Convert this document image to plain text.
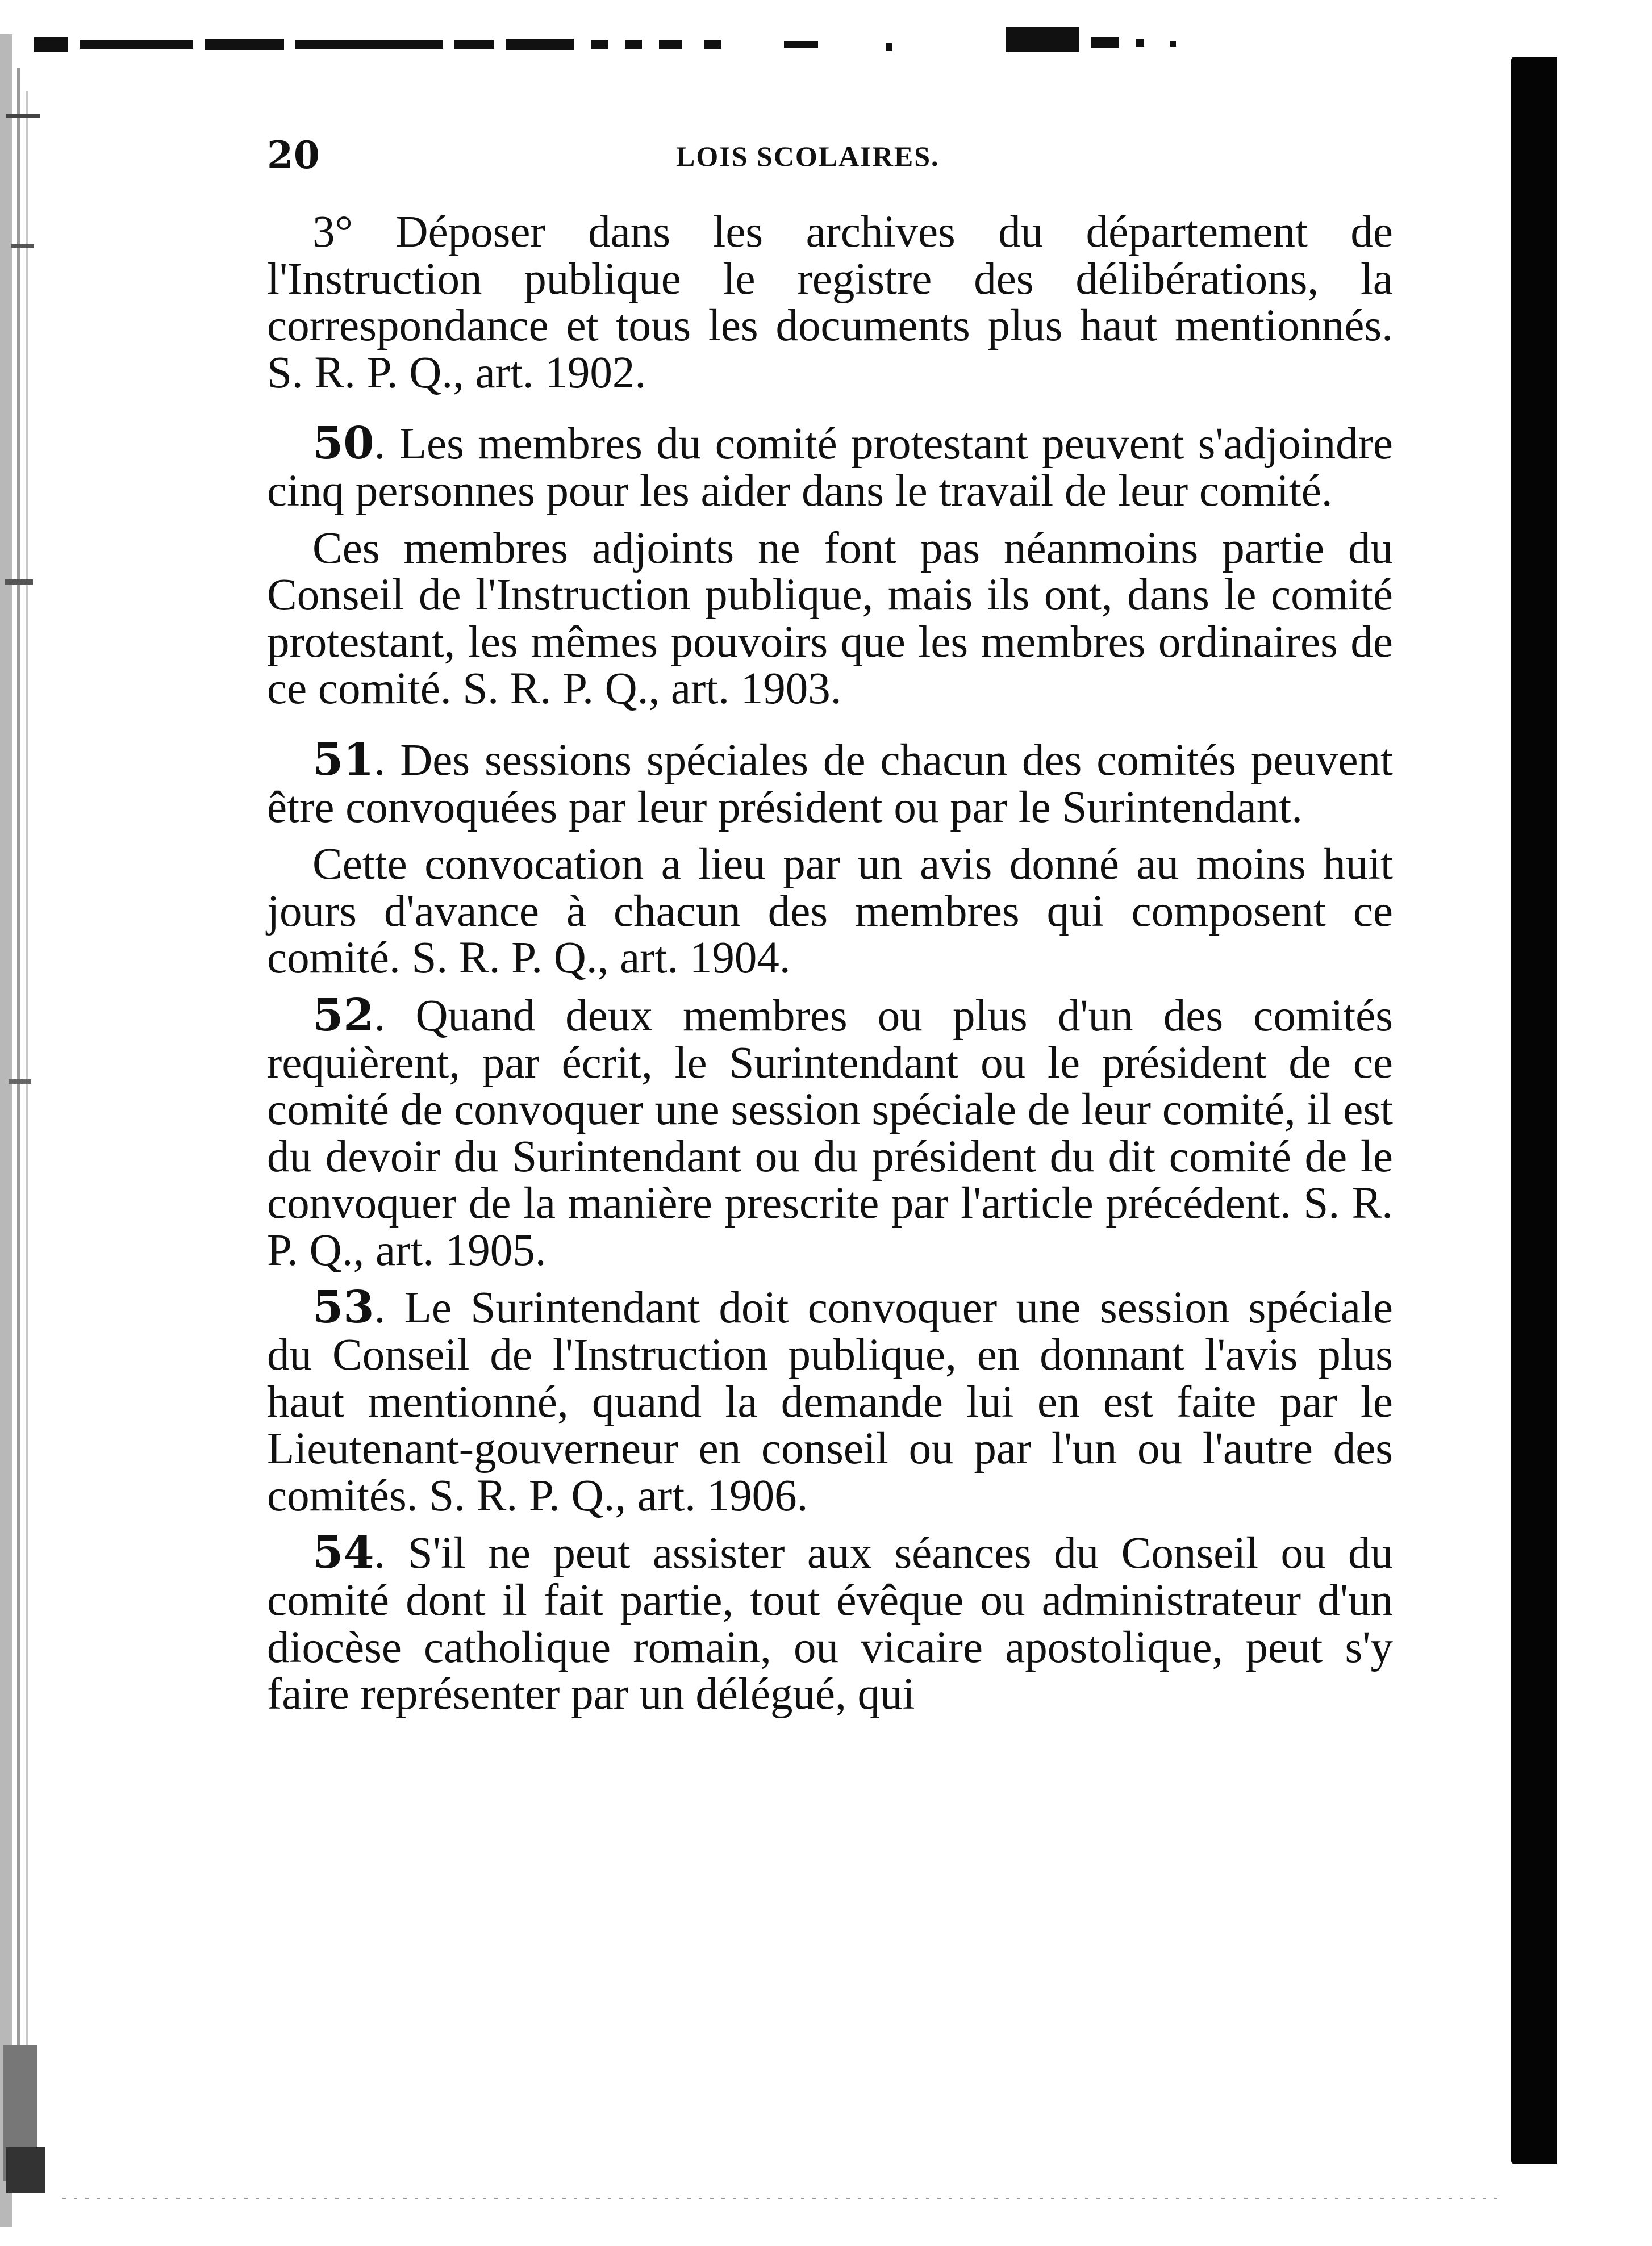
20	LOIS SCOLAIRES.

3° Déposer dans les archives du département de l'Instruction publique le registre des délibérations, la correspondance et tous les documents plus haut mentionnés. S. R. P. Q., art. 1902.

50. Les membres du comité protestant peuvent s'adjoindre cinq personnes pour les aider dans le travail de leur comité.

Ces membres adjoints ne font pas néanmoins partie du Conseil de l'Instruction publique, mais ils ont, dans le comité protestant, les mêmes pouvoirs que les membres ordinaires de ce comité. S. R. P. Q., art. 1903.

51. Des sessions spéciales de chacun des comités peuvent être convoquées par leur président ou par le Surintendant.

Cette convocation a lieu par un avis donné au moins huit jours d'avance à chacun des membres qui composent ce comité. S. R. P. Q., art. 1904.

52. Quand deux membres ou plus d'un des comités requièrent, par écrit, le Surintendant ou le président de ce comité de convoquer une session spéciale de leur comité, il est du devoir du Surintendant ou du président du dit comité de le convoquer de la manière prescrite par l'article précédent. S. R. P. Q., art. 1905.

53. Le Surintendant doit convoquer une session spéciale du Conseil de l'Instruction publique, en donnant l'avis plus haut mentionné, quand la demande lui en est faite par le Lieutenant-gouverneur en conseil ou par l'un ou l'autre des comités. S. R. P. Q., art. 1906.

54. S'il ne peut assister aux séances du Conseil ou du comité dont il fait partie, tout évêque ou administrateur d'un diocèse catholique romain, ou vicaire apostolique, peut s'y faire représenter par un délégué, qui
